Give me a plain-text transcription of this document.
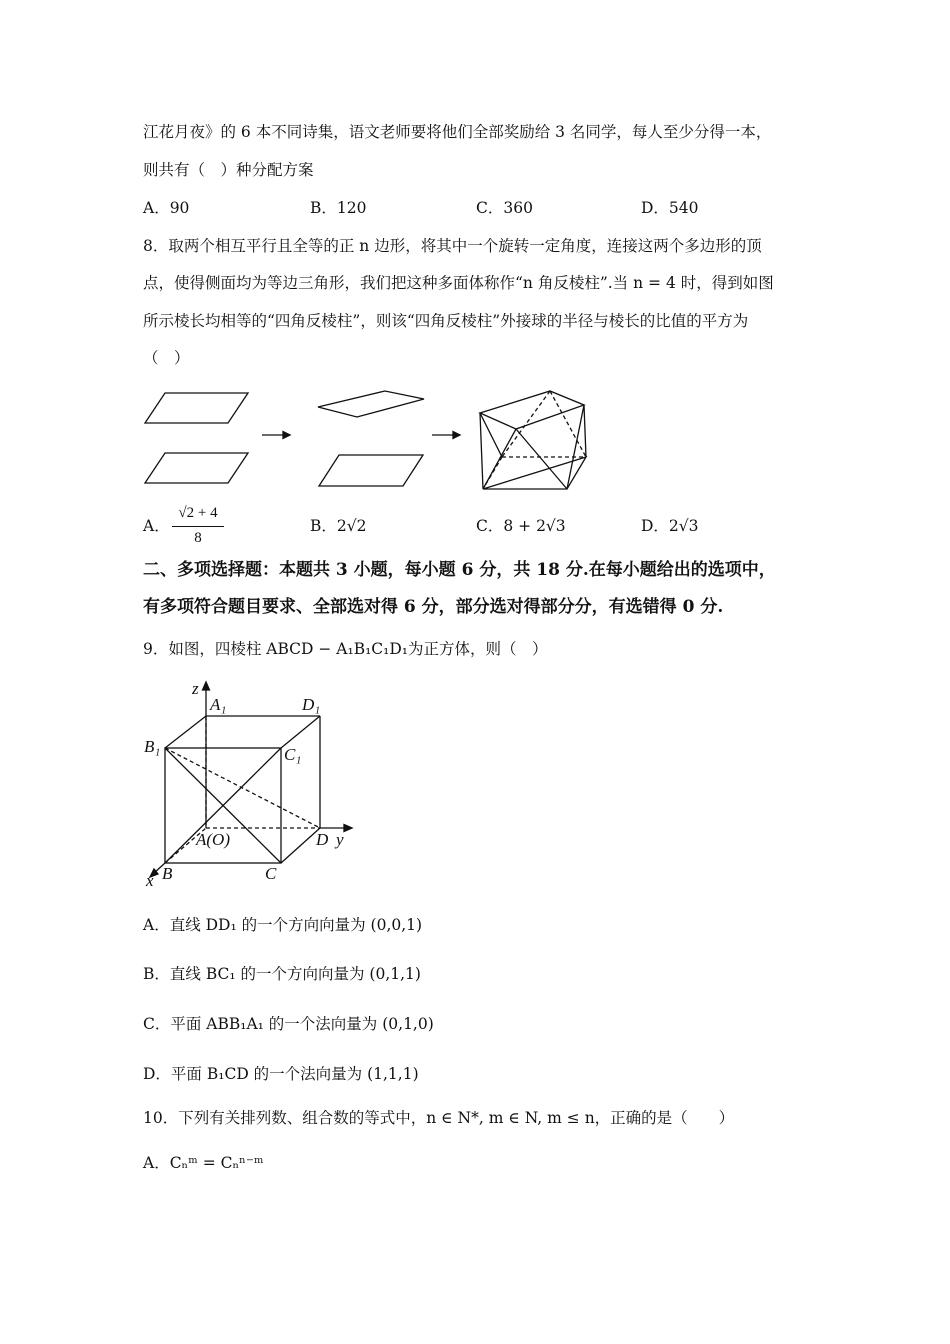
江花月夜》的 6 本不同诗集，语文老师要将他们全部奖励给 3 名同学，每人至少分得一本，
则共有（　）种分配方案
A．90	B．120	C．360	D．540
8．取两个相互平行且全等的正 n 边形，将其中一个旋转一定角度，连接这两个多边形的顶
点，使得侧面均为等边三角形，我们把这种多面体称作“n 角反棱柱”.当 n = 4 时，得到如图
所示棱长均相等的“四角反棱柱”，则该“四角反棱柱”外接球的半径与棱长的比值的平方为
（　）
A．
√2 + 4
8
B．2√2	C．8 + 2√3	D．2√3
二、多项选择题：本题共 3 小题，每小题 6 分，共 18 分.在每小题给出的选项中，
有多项符合题目要求、全部选对得 6 分，部分选对得部分分，有选错得 0 分.
9．如图，四棱柱 ABCD − A₁B₁C₁D₁为正方体，则（　）
z
A₁	D₁
B₁	C₁
A(O)	D y
x B	C
A．直线 DD₁ 的一个方向向量为 (0,0,1)
B．直线 BC₁ 的一个方向向量为 (0,1,1)
C．平面 ABB₁A₁ 的一个法向量为 (0,1,0)
D．平面 B₁CD 的一个法向量为 (1,1,1)
10．下列有关排列数、组合数的等式中，n ∈ N*, m ∈ N, m ≤ n，正确的是（　　）
A．Cₙᵐ = Cₙⁿ⁻ᵐ
